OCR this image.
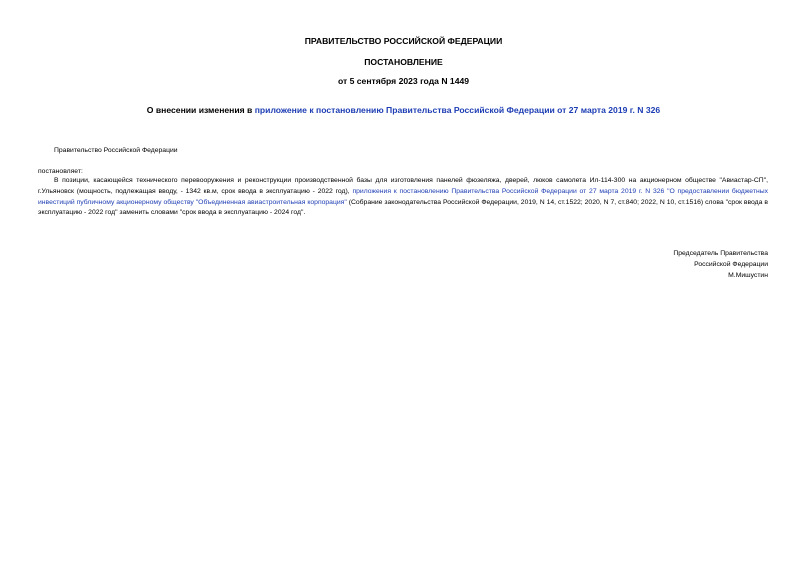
ПРАВИТЕЛЬСТВО РОССИЙСКОЙ ФЕДЕРАЦИИ
ПОСТАНОВЛЕНИЕ
от 5 сентября 2023 года N 1449
О внесении изменения в приложение к постановлению Правительства Российской Федерации от 27 марта 2019 г. N 326
Правительство Российской Федерации
постановляет:

В позиции, касающейся технического перевооружения и реконструкции производственной базы для изготовления панелей фюзеляжа, дверей, люков самолета Ил-114-300 на акционерном обществе "Авиастар-СП", г.Ульяновск (мощность, подлежащая вводу, - 1342 кв.м, срок ввода в эксплуатацию - 2022 год), приложения к постановлению Правительства Российской Федерации от 27 марта 2019 г. N 326 "О предоставлении бюджетных инвестиций публичному акционерному обществу "Объединенная авиастроительная корпорация" (Собрание законодательства Российской Федерации, 2019, N 14, ст.1522; 2020, N 7, ст.840; 2022, N 10, ст.1516) слова "срок ввода в эксплуатацию - 2022 год" заменить словами "срок ввода в эксплуатацию - 2024 год".

Председатель Правительства
Российской Федерации
М.Мишустин
